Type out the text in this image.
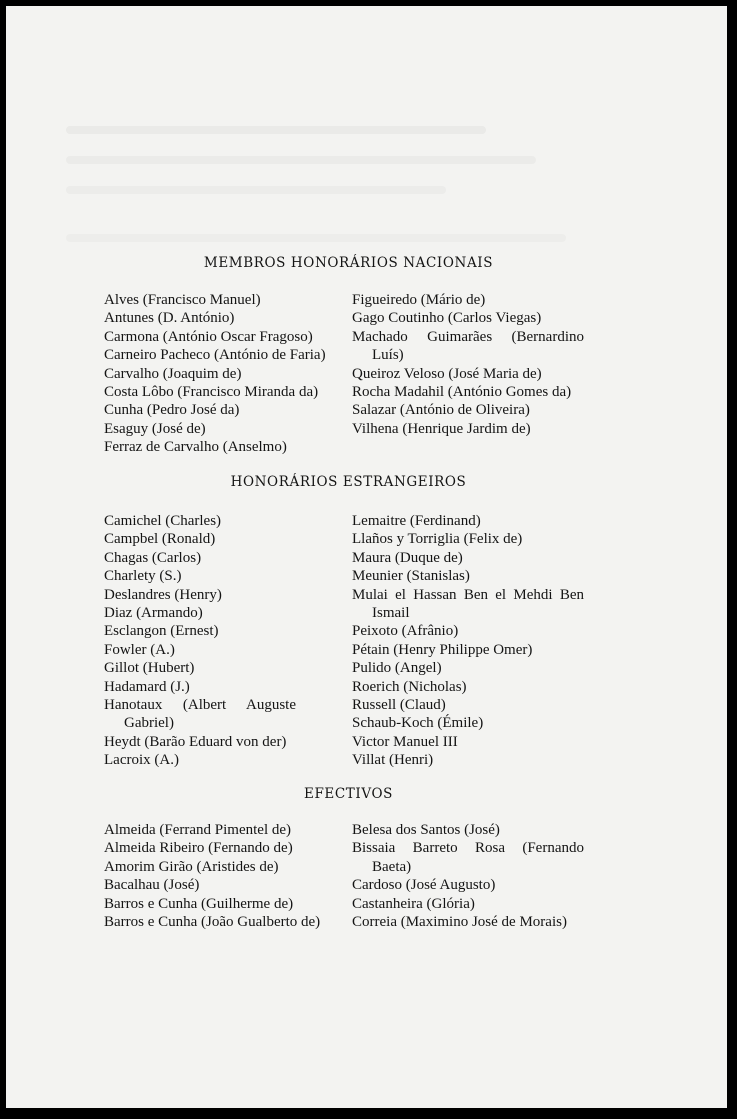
MEMBROS HONORÁRIOS NACIONAIS
Alves (Francisco Manuel)
Antunes (D. António)
Carmona (António Oscar Fragoso)
Carneiro Pacheco (António de Faria)
Carvalho (Joaquim de)
Costa Lôbo (Francisco Miranda da)
Cunha (Pedro José da)
Esaguy (José de)
Ferraz de Carvalho (Anselmo)
Figueiredo (Mário de)
Gago Coutinho (Carlos Viegas)
Machado Guimarães (Bernardino Luís)
Queiroz Veloso (José Maria de)
Rocha Madahil (António Gomes da)
Salazar (António de Oliveira)
Vilhena (Henrique Jardim de)
HONORÁRIOS ESTRANGEIROS
Camichel (Charles)
Campbel (Ronald)
Chagas (Carlos)
Charlety (S.)
Deslandres (Henry)
Diaz (Armando)
Esclangon (Ernest)
Fowler (A.)
Gillot (Hubert)
Hadamard (J.)
Hanotaux (Albert Auguste Gabriel)
Heydt (Barão Eduard von der)
Lacroix (A.)
Lemaitre (Ferdinand)
Llaños y Torriglia (Felix de)
Maura (Duque de)
Meunier (Stanislas)
Mulai el Hassan Ben el Mehdi Ben Ismail
Peixoto (Afrânio)
Pétain (Henry Philippe Omer)
Pulido (Angel)
Roerich (Nicholas)
Russell (Claud)
Schaub-Koch (Émile)
Victor Manuel III
Villat (Henri)
EFECTIVOS
Almeida (Ferrand Pimentel de)
Almeida Ribeiro (Fernando de)
Amorim Girão (Aristides de)
Bacalhau (José)
Barros e Cunha (Guilherme de)
Barros e Cunha (João Gualberto de)
Belesa dos Santos (José)
Bissaia Barreto Rosa (Fernando Baeta)
Cardoso (José Augusto)
Castanheira (Glória)
Correia (Maximino José de Morais)
